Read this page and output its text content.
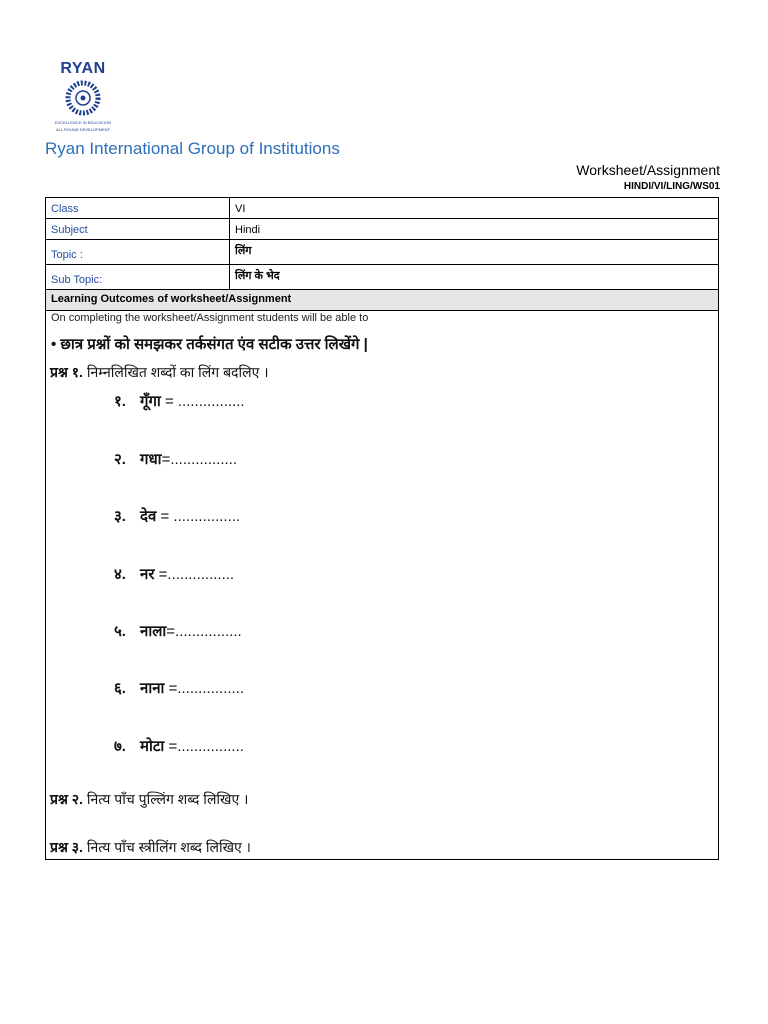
RYAN
EXCELLENCE IN EDUCATION
ALL ROUND DEVELOPMENT
Ryan International Group of Institutions
Worksheet/Assignment
HINDI/VI/LING/WS01
Class	VI
Subject	Hindi
Topic :	लिंग
Sub Topic:	लिंग के भेद
Learning Outcomes of worksheet/Assignment
On completing the worksheet/Assignment students will be able to
• छात्र प्रश्नों को समझकर तर्कसंगत एंव सटीक उत्तर लिखेंगे |
प्रश्न १. निम्नलिखित शब्दों का लिंग बदलिए ।
१. गूँगा = ................
२. गधा=................
३. देव = ................
४. नर =................
५. नाला=................
६. नाना =................
७. मोटा =................
प्रश्न २. नित्य पाँच पुल्लिंग शब्द लिखिए ।
प्रश्न ३. नित्य पाँच स्त्रीलिंग शब्द लिखिए ।
